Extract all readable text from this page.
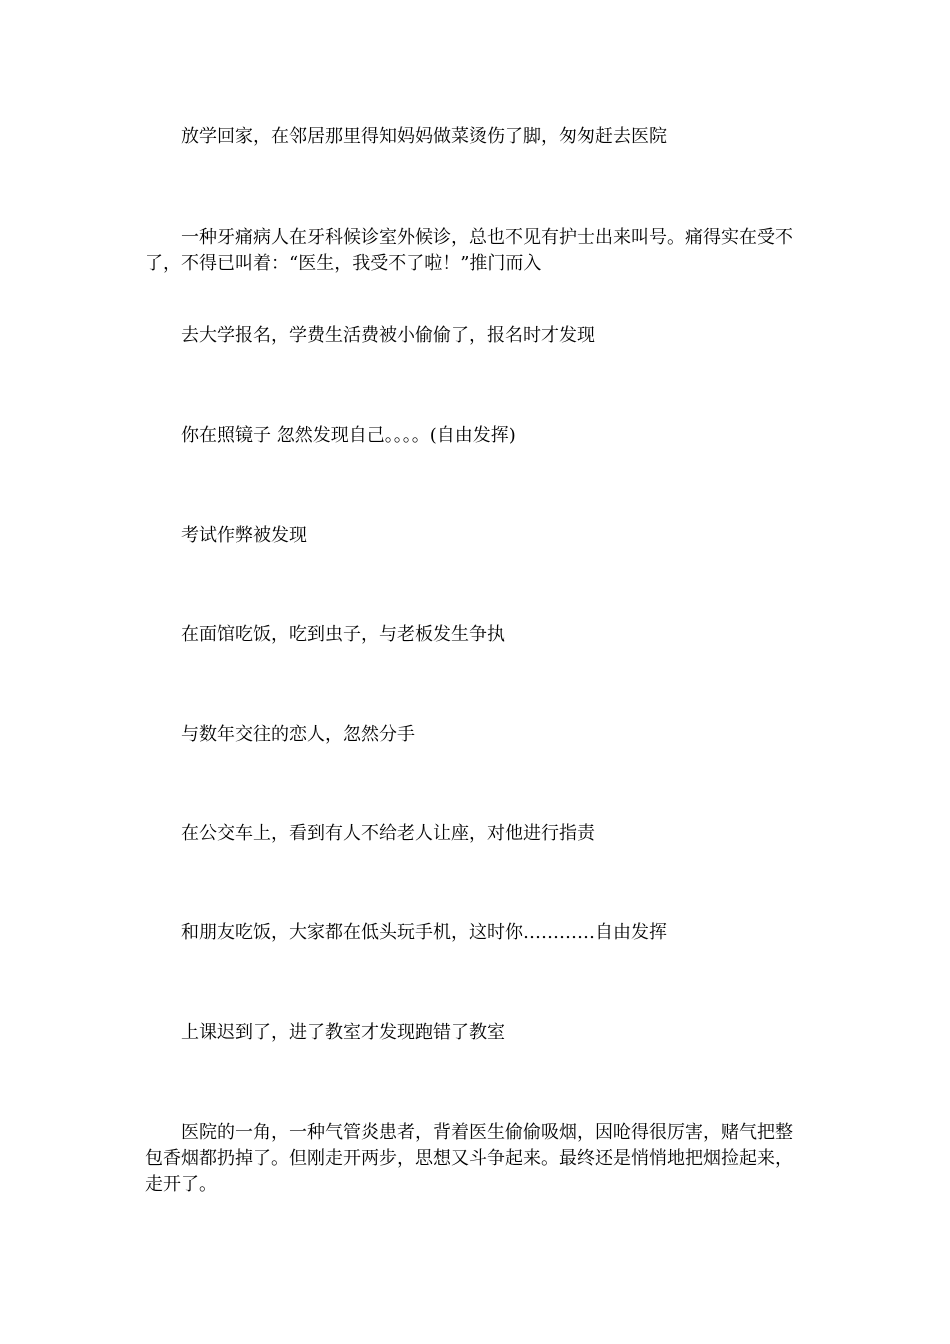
放学回家，在邻居那里得知妈妈做菜烫伤了脚，匆匆赶去医院

一种牙痛病人在牙科候诊室外候诊，总也不见有护士出来叫号。痛得实在受不了，不得已叫着：“医生，我受不了啦！”推门而入

去大学报名，学费生活费被小偷偷了，报名时才发现

你在照镜子 忽然发现自己。。。。(自由发挥)

考试作弊被发现

在面馆吃饭，吃到虫子，与老板发生争执

与数年交往的恋人，忽然分手

在公交车上，看到有人不给老人让座，对他进行指责

和朋友吃饭，大家都在低头玩手机，这时你…………自由发挥

上课迟到了，进了教室才发现跑错了教室

医院的一角，一种气管炎患者，背着医生偷偷吸烟，因呛得很厉害，赌气把整包香烟都扔掉了。但刚走开两步，思想又斗争起来。最终还是悄悄地把烟捡起来，走开了。
